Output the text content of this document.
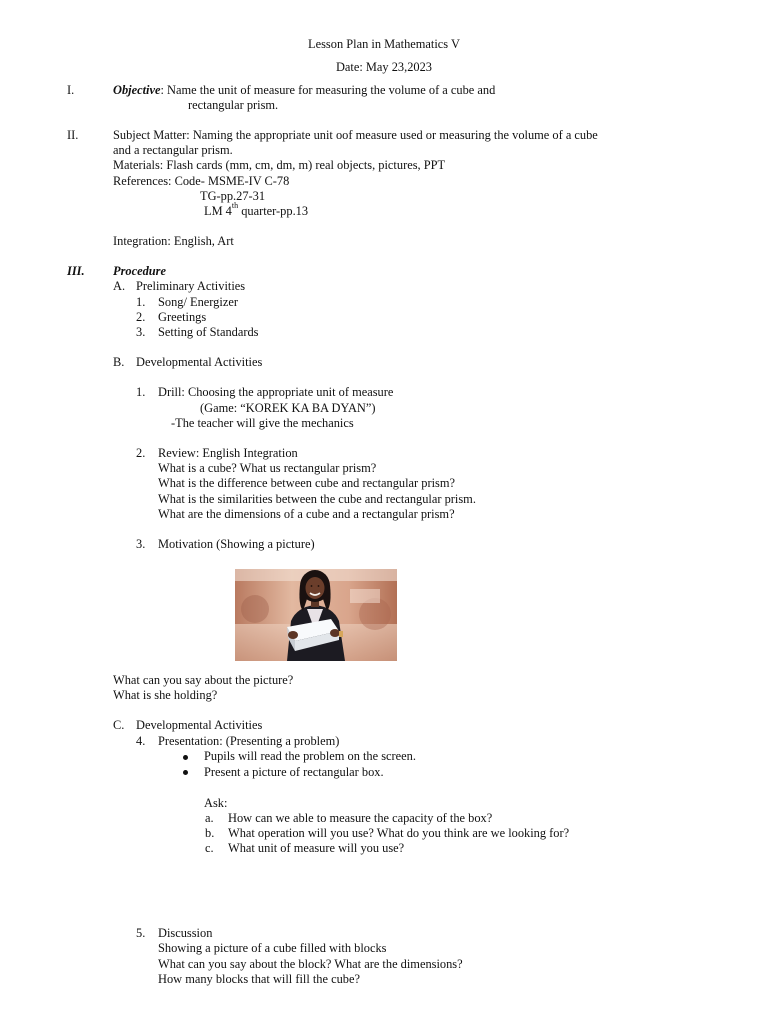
Lesson Plan in Mathematics V
Date: May 23,2023
I.	Objective: Name the unit of measure for measuring the volume of a cube and
rectangular prism.
II.	Subject Matter: Naming the appropriate unit oof measure used or measuring the volume of a cube
and a rectangular prism.
Materials: Flash cards (mm, cm, dm, m) real objects, pictures, PPT
References: Code- MSME-IV C-78
TG-pp.27-31
LM 4th quarter-pp.13
Integration: English, Art
III. Procedure
A. Preliminary Activities
1. Song/ Energizer
2. Greetings
3. Setting of Standards
B. Developmental Activities
1. Drill: Choosing the appropriate unit of measure
(Game: “KOREK KA BA DYAN”)
-The teacher will give the mechanics
2. Review: English Integration
What is a cube? What us rectangular prism?
What is the difference between cube and rectangular prism?
What is the similarities between the cube and rectangular prism.
What are the dimensions of a cube and a rectangular prism?
3. Motivation (Showing a picture)
What can you say about the picture?
What is she holding?
C. Developmental Activities
4. Presentation: (Presenting a problem)
Pupils will read the problem on the screen.
Present a picture of rectangular box.
Ask:
a. How can we able to measure the capacity of the box?
b. What operation will you use? What do you think are we looking for?
c. What unit of measure will you use?
5. Discussion
Showing a picture of a cube filled with blocks
What can you say about the block? What are the dimensions?
How many blocks that will fill the cube?
